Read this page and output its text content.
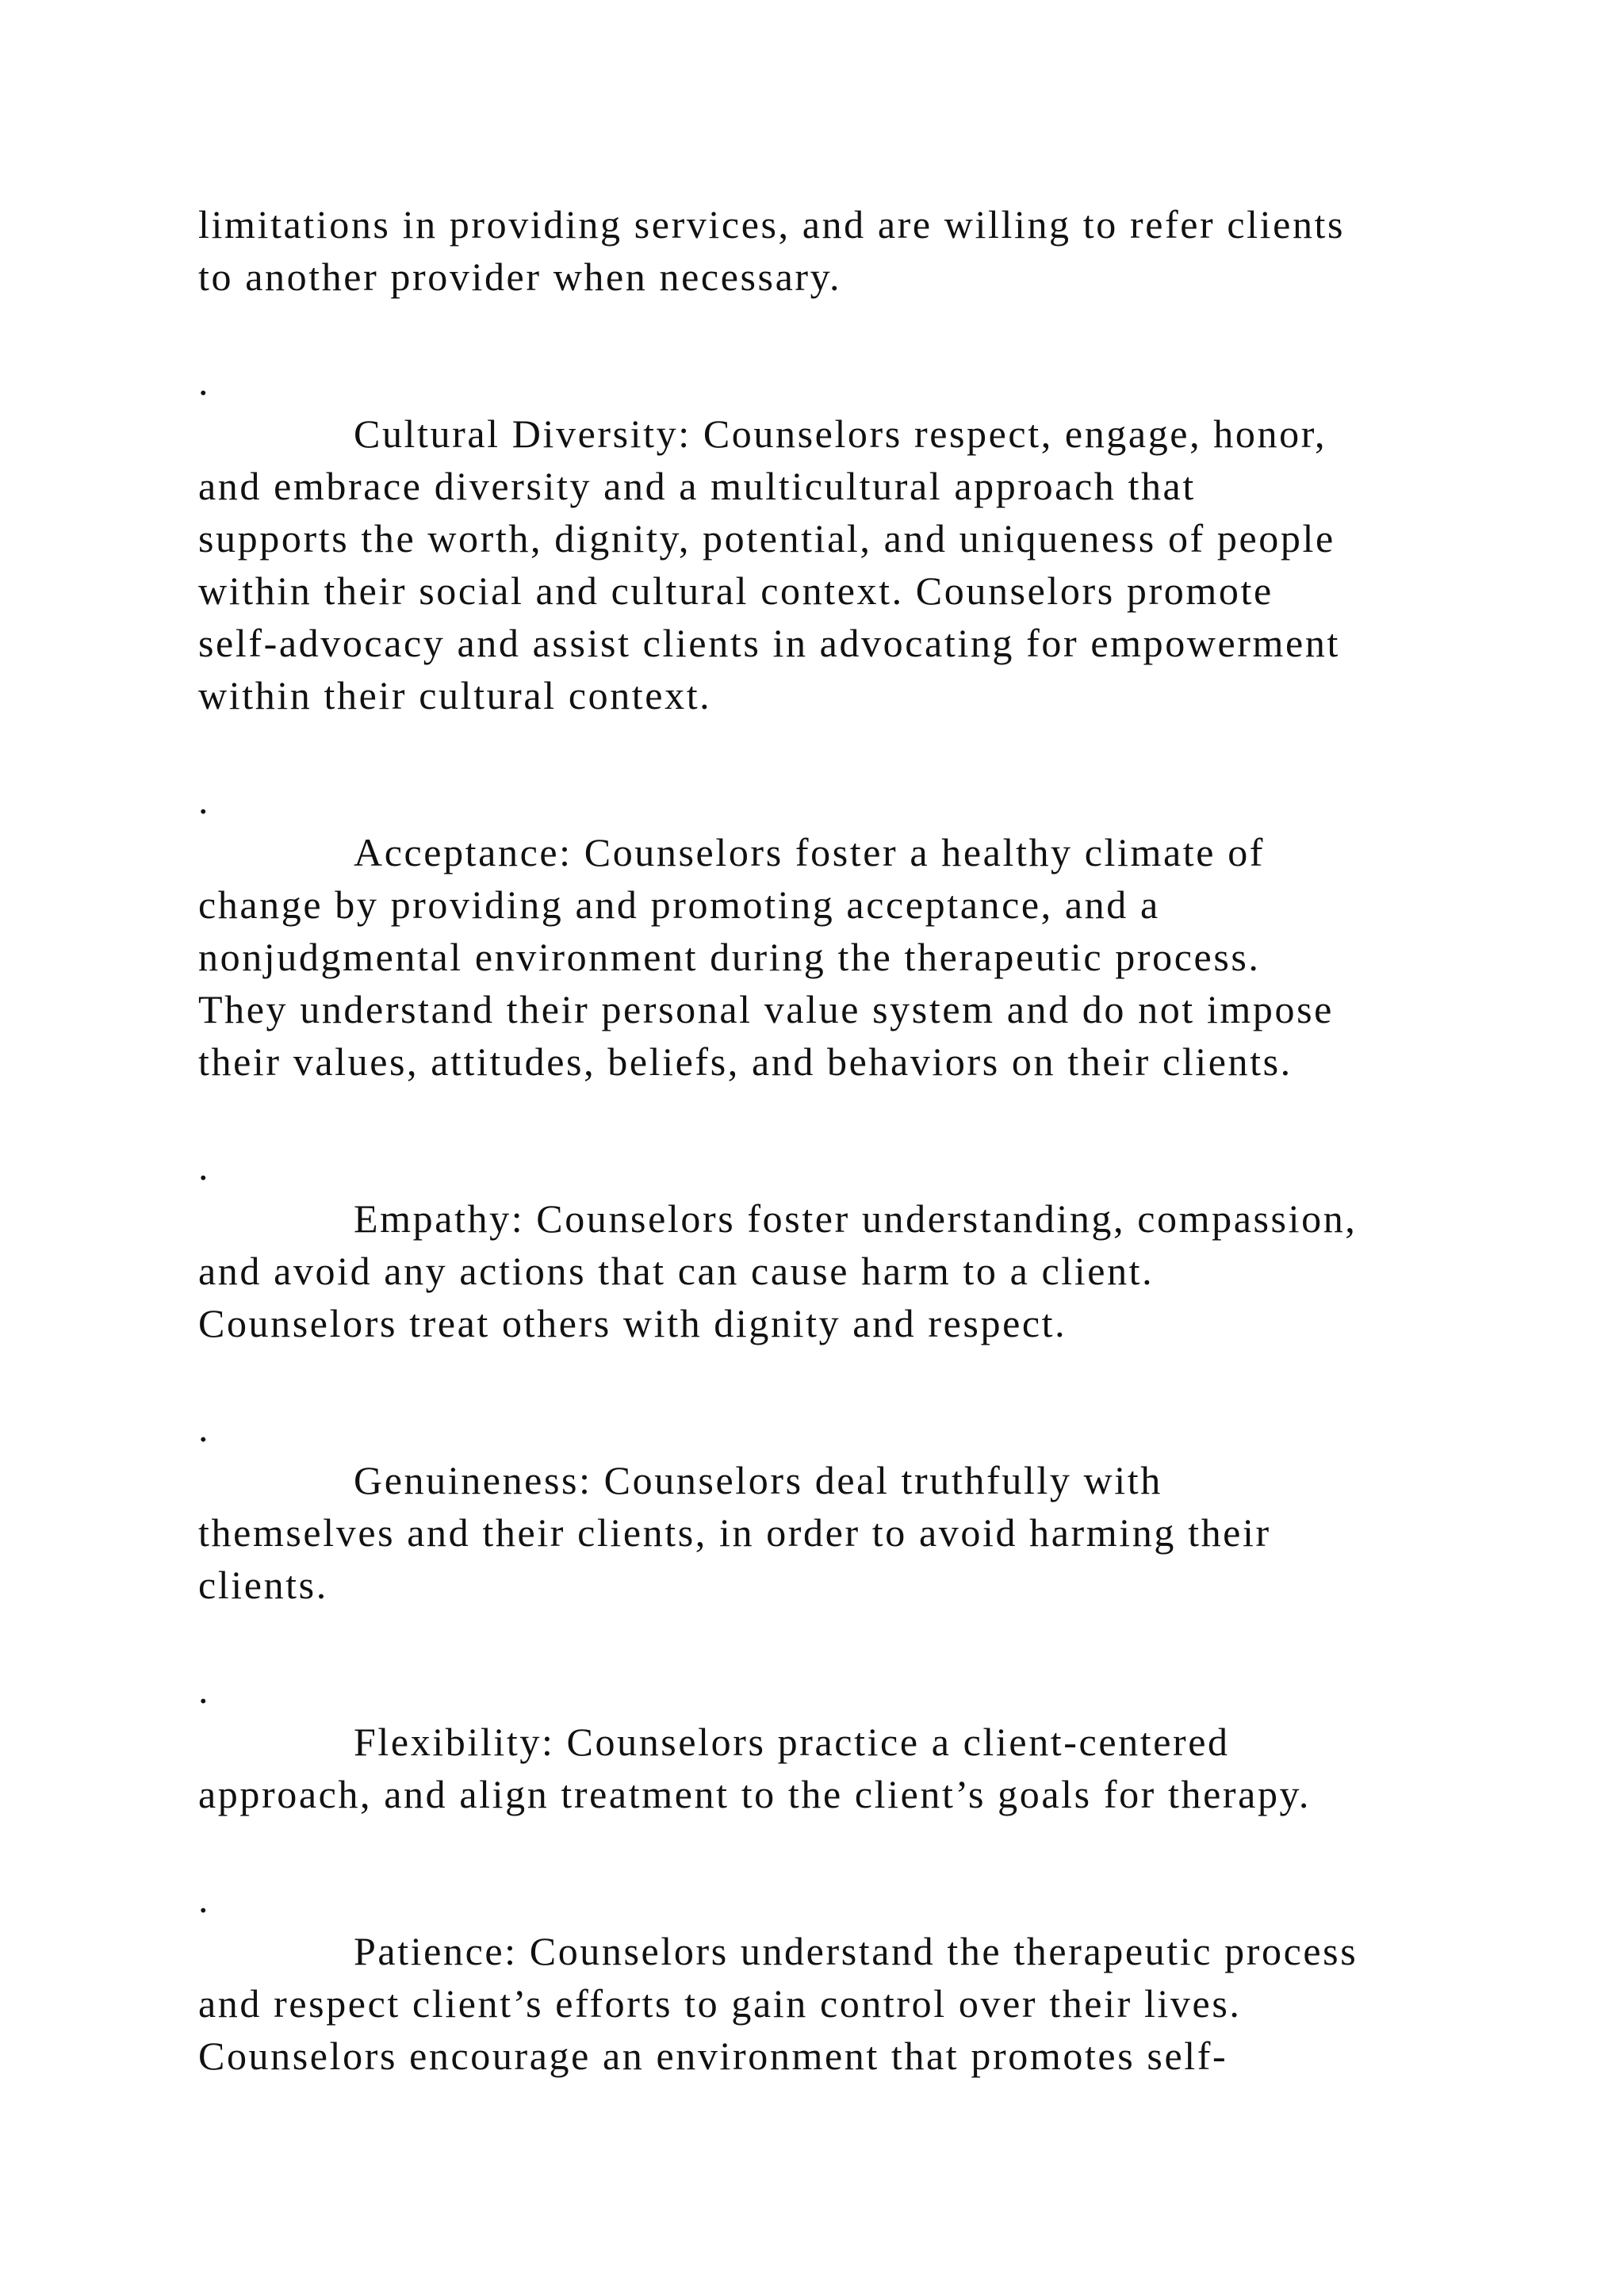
limitations in providing services, and are willing to refer clients
to another provider when necessary.
.
Cultural Diversity: Counselors respect, engage, honor,
and embrace diversity and a multicultural approach that
supports the worth, dignity, potential, and uniqueness of people
within their social and cultural context. Counselors promote
self-advocacy and assist clients in advocating for empowerment
within their cultural context.
.
Acceptance: Counselors foster a healthy climate of
change by providing and promoting acceptance, and a
nonjudgmental environment during the therapeutic process.
They understand their personal value system and do not impose
their values, attitudes, beliefs, and behaviors on their clients.
.
Empathy: Counselors foster understanding, compassion,
and avoid any actions that can cause harm to a client.
Counselors treat others with dignity and respect.
.
Genuineness: Counselors deal truthfully with
themselves and their clients, in order to avoid harming their
clients.
.
Flexibility: Counselors practice a client-centered
approach, and align treatment to the client’s goals for therapy.
.
Patience: Counselors understand the therapeutic process
and respect client’s efforts to gain control over their lives.
Counselors encourage an environment that promotes self-
